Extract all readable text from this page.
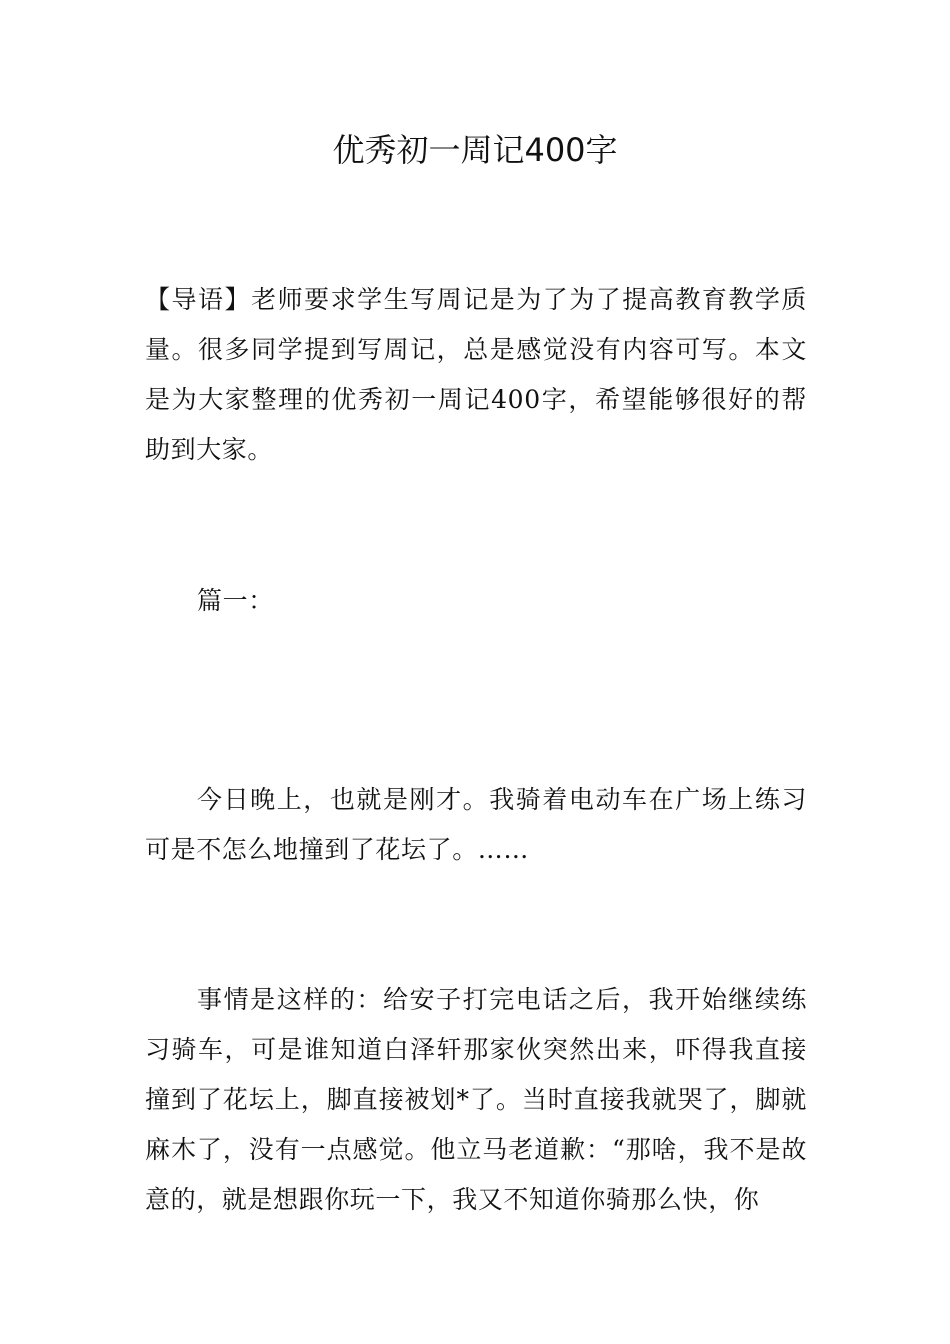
优秀初一周记400字

【导语】老师要求学生写周记是为了为了提高教育教学质量。很多同学提到写周记，总是感觉没有内容可写。本文是为大家整理的优秀初一周记400字，希望能够很好的帮助到大家。

篇一：

今日晚上，也就是刚才。我骑着电动车在广场上练习可是不怎么地撞到了花坛了。……

事情是这样的：给安子打完电话之后，我开始继续练习骑车，可是谁知道白泽轩那家伙突然出来，吓得我直接撞到了花坛上，脚直接被划*了。当时直接我就哭了，脚就麻木了，没有一点感觉。他立马老道歉：“那啥，我不是故意的，就是想跟你玩一下，我又不知道你骑那么快，你
